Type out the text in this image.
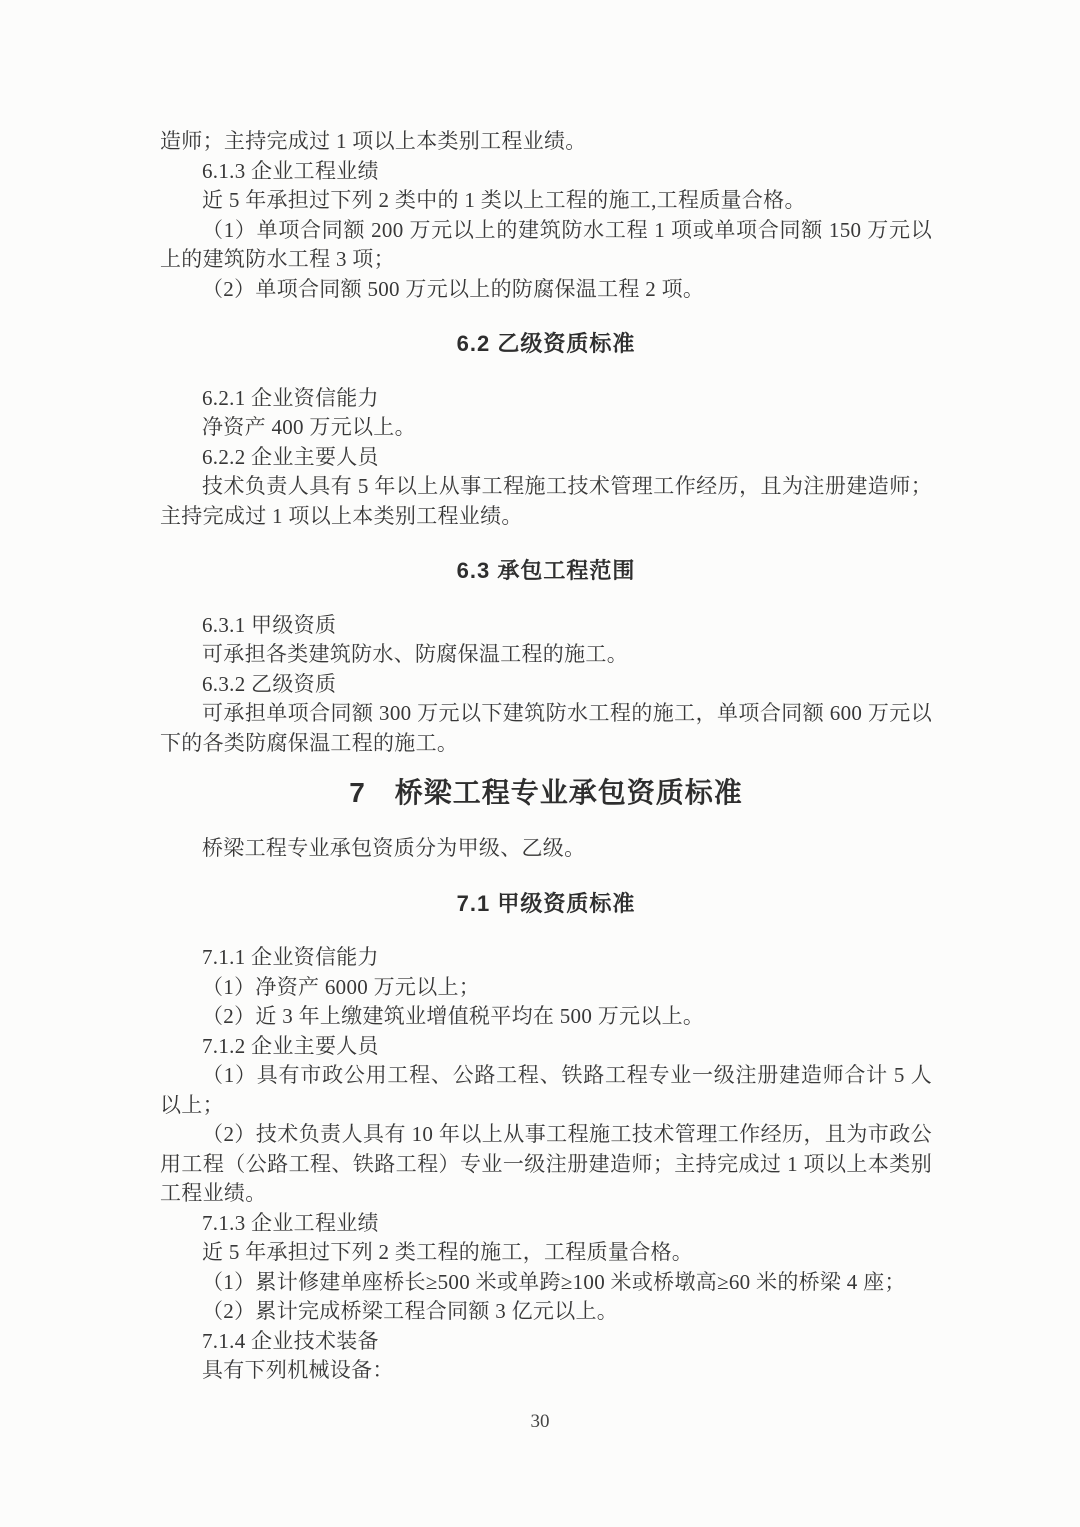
造师；主持完成过 1 项以上本类别工程业绩。
6.1.3 企业工程业绩
近 5 年承担过下列 2 类中的 1 类以上工程的施工,工程质量合格。
（1）单项合同额 200 万元以上的建筑防水工程 1 项或单项合同额 150 万元以上的建筑防水工程 3 项；
（2）单项合同额 500 万元以上的防腐保温工程 2 项。
6.2 乙级资质标准
6.2.1 企业资信能力
净资产 400 万元以上。
6.2.2 企业主要人员
技术负责人具有 5 年以上从事工程施工技术管理工作经历，且为注册建造师；主持完成过 1 项以上本类别工程业绩。
6.3 承包工程范围
6.3.1 甲级资质
可承担各类建筑防水、防腐保温工程的施工。
6.3.2 乙级资质
可承担单项合同额 300 万元以下建筑防水工程的施工，单项合同额 600 万元以下的各类防腐保温工程的施工。
7　桥梁工程专业承包资质标准
桥梁工程专业承包资质分为甲级、乙级。
7.1 甲级资质标准
7.1.1 企业资信能力
（1）净资产 6000 万元以上；
（2）近 3 年上缴建筑业增值税平均在 500 万元以上。
7.1.2 企业主要人员
（1）具有市政公用工程、公路工程、铁路工程专业一级注册建造师合计 5 人以上；
（2）技术负责人具有 10 年以上从事工程施工技术管理工作经历，且为市政公用工程（公路工程、铁路工程）专业一级注册建造师；主持完成过 1 项以上本类别工程业绩。
7.1.3 企业工程业绩
近 5 年承担过下列 2 类工程的施工，工程质量合格。
（1）累计修建单座桥长≥500 米或单跨≥100 米或桥墩高≥60 米的桥梁 4 座；
（2）累计完成桥梁工程合同额 3 亿元以上。
7.1.4 企业技术装备
具有下列机械设备：
30
